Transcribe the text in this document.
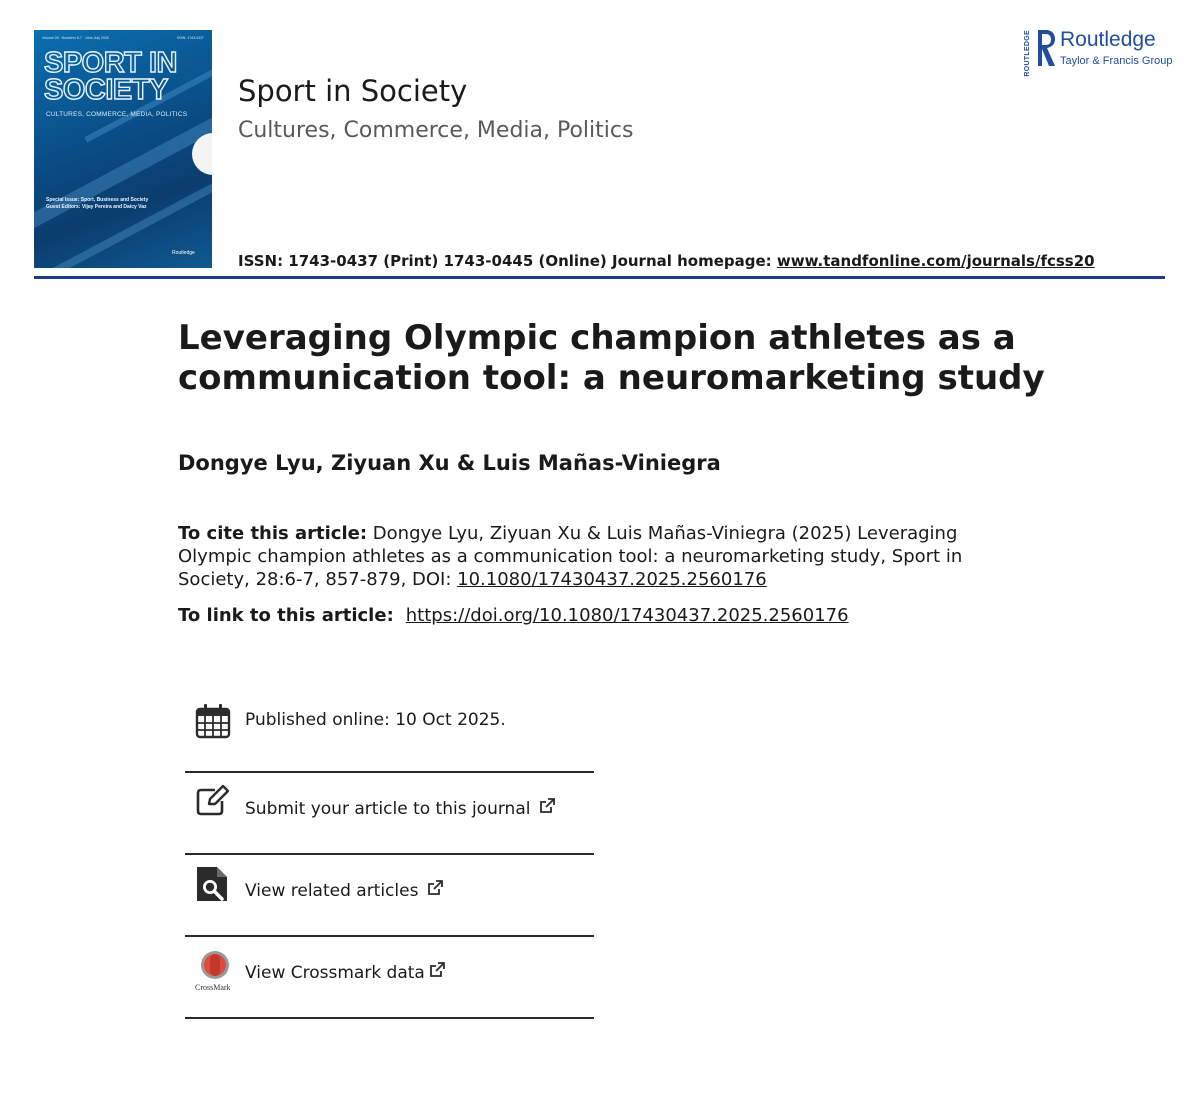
Volume 28 · Numbers 6-7 · June-July 2025	ISSN: 1743-0437
SPORT IN
SOCIETY
CULTURES, COMMERCE, MEDIA, POLITICS
Special Issue: Sport, Business and Society
Guest Editors: Vijay Pereira and Daicy Vaz
Routledge
Sport in Society
Cultures, Commerce, Media, Politics
ISSN: 1743-0437 (Print) 1743-0445 (Online) Journal homepage: www.tandfonline.com/journals/fcss20
ROUTLEDGE Routledge
Taylor & Francis Group
Leveraging Olympic champion athletes as a communication tool: a neuromarketing study
Dongye Lyu, Ziyuan Xu & Luis Mañas-Viniegra
To cite this article: Dongye Lyu, Ziyuan Xu & Luis Mañas-Viniegra (2025) Leveraging Olympic champion athletes as a communication tool: a neuromarketing study, Sport in Society, 28:6-7, 857-879, DOI: 10.1080/17430437.2025.2560176
To link to this article:  https://doi.org/10.1080/17430437.2025.2560176
Published online: 10 Oct 2025.
Submit your article to this journal
View related articles
CrossMark
View Crossmark data
